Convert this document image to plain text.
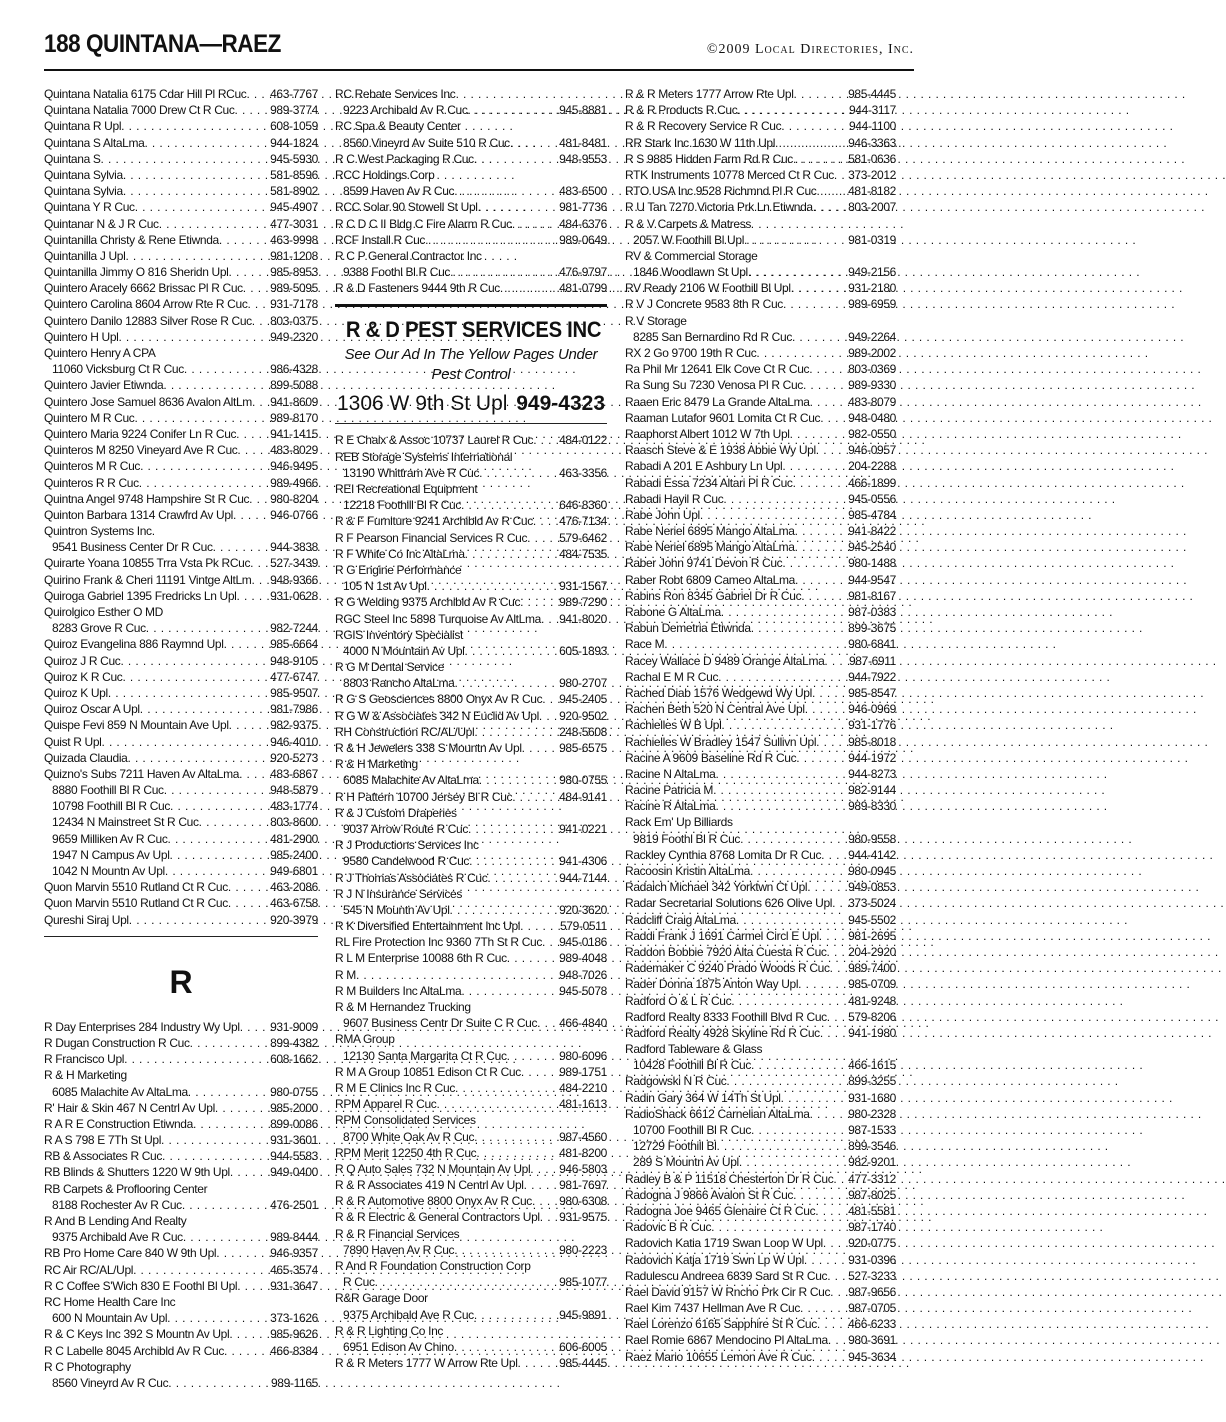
188 QUINTANA—RAEZ	©2009 Local Directories, Inc.
Quintana Natalia 6175 Cdar Hill Pl RCuc . . . 463-7767
Quintana Natalia 7000 Drew Ct R Cuc . . .	989-3774
Quintana R Upl . . .	608-1059
Quintana S AltaLma . . .	944-1824
Quintana S . . .	945-5930
Quintana Sylvia . . .	581-8596
Quintana Sylvia . . .	581-8902
Quintana Y R Cuc . . .	945-4907
Quintanar N & J R Cuc . . .	477-3031
Quintanilla Christy & Rene Etiwnda . . .	463-9998
Quintanilla J Upl . . .	981-1208
Quintanilla Jimmy O 816 Sheridn Upl . . .	985-8953
Quintero Aracely 6662 Brissac Pl R Cuc . . . 989-5095
Quintero Carolina 8604 Arrow Rte R Cuc . . . 931-7178
Quintero Danilo 12883 Silver Rose R Cuc . . . 803-0375
Quintero H Upl . . .	949-2320
Quintero Henry A CPA
11060 Vicksburg Ct R Cuc . . .	986-4328
Quintero Javier Etiwnda . . .	899-5088
Quintero Jose Samuel 8636 Avalon AltLm . . . 941-8609
Quintero M R Cuc . . .	989-8170
Quintero Maria 9224 Conifer Ln R Cuc . . .	941-1415
Quinteros M 8250 Vineyard Ave R Cuc . . .	483-8029
Quinteros M R Cuc . . .	946-9495
Quinteros R R Cuc . . .	989-4966
Quintna Angel 9748 Hampshire St R Cuc . . . 980-8204
Quinton Barbara 1314 Crawfrd Av Upl . . .	946-0766
Quintron Systems Inc.
9541 Business Center Dr R Cuc . . .	944-3838
Quirarte Yoana 10855 Trra Vsta Pk RCuc . . . 527-3439
Quirino Frank & Cheri 11191 Vintge AltLm . . . 948-9366
Quiroga Gabriel 1395 Fredricks Ln Upl . . .	931-0628
Quirolgico Esther O MD
8283 Grove R Cuc . . .	982-7244
Quiroz Evangelina 886 Raymnd Upl . . .	985-6664
Quiroz J R Cuc . . .	948-9105
Quiroz K R Cuc . . .	477-6747
Quiroz K Upl . . .	985-9507
Quiroz Oscar A Upl . . .	981-7986
Quispe Fevi 859 N Mountain Ave Upl . . .	982-9375
Quist R Upl . . .	946-4010
Quizada Claudia . . .	920-5273
Quizno's Subs 7211 Haven Av AltaLma . . .	483-6867
8880 Foothill Bl R Cuc . . .	948-5879
10798 Foothill Bl R Cuc . . .	483-1774
12434 N Mainstreet St R Cuc . . .	803-8600
9659 Milliken Av R Cuc . . .	481-2900
1947 N Campus Av Upl . . .	985-2400
1042 N Mountn Av Upl . . .	949-6801
Quon Marvin 5510 Rutland Ct R Cuc . . .	463-2086
Quon Marvin 5510 Rutland Ct R Cuc . . .	463-6758
Qureshi Siraj Upl . . .	920-3979
R
R Day Enterprises 284 Industry Wy Upl . . .	931-9009
R Dugan Construction R Cuc . . .	899-4382
R Francisco Upl . . .	608-1662
R & H Marketing
6085 Malachite Av AltaLma . . .	980-0755
R' Hair & Skin 467 N Centrl Av Upl . . .	985-2000
R A R E Construction Etiwnda . . .	899-0086
R A S 798 E 7Th St Upl . . .	931-3601
RB & Associates R Cuc . . .	944-5583
RB Blinds & Shutters 1220 W 9th Upl . . .	949-0400
RB Carpets & Proflooring Center
8188 Rochester Av R Cuc . . .	476-2501
R And B Lending And Realty
9375 Archibald Ave R Cuc . . .	989-8444
RB Pro Home Care 840 W 9th Upl . . .	946-9357
RC Air RC/AL/Upl . . .	465-3574
R C Coffee S'Wich 830 E Foothl Bl Upl . . .	931-3647
RC Home Health Care Inc
600 N Mountain Av Upl . . .	373-1626
R & C Keys Inc 392 S Mountn Av Upl . . .	985-9626
R C Labelle 8045 Archibld Av R Cuc . . .	466-8384
R C Photography
8560 Vineyrd Av R Cuc . . .	989-1165
RC Rebate Services Inc
9223 Archibald Av R Cuc . . .	945-8881
RC Spa & Beauty Center
8560 Vineyrd Av Suite 510 R Cuc . . .	481-8481
R C West Packaging R Cuc . . .	948-9553
RCC Holdings Corp
8599 Haven Av R Cuc . . .	483-6500
RCC Solar 90 Stowell St Upl . . .	981-7736
R C D C II Bldg C Fire Alarm R Cuc . . .	484-6376
RCF Install R Cuc . . .	989-0649
R C P General Contractor Inc
9388 Foothl Bl R Cuc . . .	476-9797
R & D Fasteners 9444 9th R Cuc . . .	481-0799
R & D PEST SERVICES INC
See Our Ad In The Yellow Pages Under
Pest Control
1306 W 9th St Upl 949-4323
R E Chaix & Assoc 10737 Laurel R Cuc . . . 484-0122
REB Storage Systems International
13190 Whittram Ave R Cuc . . .	463-3356
REI Recreational Equipment
12218 Foothill Bl R Cuc . . .	646-8360
R & F Furniture 9241 Archibld Av R Cuc . . . 476-7134
R F Pearson Financial Services R Cuc . . .	579-6462
R F White Co Inc AltaLma . . .	484-7535
R G Engine Performance
105 N 1st Av Upl . . .	931-1567
R G Welding 9375 Archibld Av R Cuc . . .	989-7290
RGC Steel Inc 5898 Turquoise Av AltLma . . . 941-8020
RGIS Inventory Specialist
4000 N Mountain Av Upl . . .	605-1893
R G M Dental Service
8803 Rancho AltaLma . . .	980-2707
R G S Geosciences 8800 Onyx Av R Cuc . . . 945-2405
R G W & Associates 342 N Euclid Av Upl . . . 920-9502
RH Construction RC/AL/Upl . . .	248-5608
R & H Jewelers 338 S Mountn Av Upl . . .	985-6575
R & H Marketing
6085 Malachite Av AltaLma . . .	980-0755
R H Pattern 10700 Jersey Bl R Cuc . . .	484-9141
R & J Custom Draperies
9037 Arrow Route R Cuc . . .	941-0221
R J Productions Services Inc
9580 Candelwood R Cuc . . .	941-4306
R J Thomas Associates R Cuc . . .	944-7144
R J N Insurance Services
545 N Mountn Av Upl . . .	920-3620
R K Diversified Entertainment Inc Upl . . .	579-0511
RL Fire Protection Inc 9360 7Th St R Cuc . . . 945-0186
R L M Enterprise 10088 6th R Cuc . . .	989-4048
R M . . .	948-7026
R M Builders Inc AltaLma . . .	945-5078
R & M Hernandez Trucking
9607 Business Centr Dr Suite C R Cuc . . . 466-4840
RMA Group
12130 Santa Margarita Ct R Cuc . . .	980-6096
R M A Group 10851 Edison Ct R Cuc . . .	989-1751
R M E Clinics Inc R Cuc . . .	484-2210
RPM Apparel R Cuc . . .	481-1613
RPM Consolidated Services
8700 White Oak Av R Cuc . . .	987-4560
RPM Merit 12250 4th R Cuc . . .	481-8200
R Q Auto Sales 732 N Mountain Av Upl . . . 946-5803
R & R Associates 419 N Centrl Av Upl . . .	981-7697
R & R Automotive 8800 Onyx Av R Cuc . . . 980-6308
R & R Electric & General Contractors Upl . . . 931-9575
R & R Financial Services
7890 Haven Av R Cuc . . .	980-2223
R And R Foundation Construction Corp
R Cuc . . .	985-1077
R&R Garage Door
9375 Archibald Ave R Cuc . . .	945-9891
R & R Lighting Co Inc
6951 Edison Av Chino . . .	606-6005
R & R Meters 1777 W Arrow Rte Upl . . .	985-4445
R & R Meters 1777 Arrow Rte Upl . . .	985-4445
R & R Products R Cuc . . .	944-3117
R & R Recovery Service R Cuc . . .	944-1100
RR Stark Inc 1630 W 11th Upl . . .	946-3363
R S 9885 Hidden Farm Rd R Cuc . . .	581-0636
RTK Instruments 10778 Merced Ct R Cuc . . . 373-2012
RTO USA Inc 9528 Richmnd Pl R Cuc . . .	481-8182
R U Tan 7270 Victoria Prk Ln Etiwnda . . .	803-2007
R & V Carpets & Matress
2057 W Foothill Bl Upl . . .	981-0319
RV & Commercial Storage
1846 Woodlawn St Upl . . .	949-2156
RV Ready 2106 W Foothill Bl Upl . . .	931-2180
R V J Concrete 9583 8th R Cuc . . .	989-6959
R V Storage
8285 San Bernardino Rd R Cuc . . .	949-2264
RX 2 Go 9700 19th R Cuc . . .	989-2002
Ra Phil Mr 12641 Elk Cove Ct R Cuc . . .	803-0369
Ra Sung Su 7230 Venosa Pl R Cuc . . .	989-9330
Raaen Eric 8479 La Grande AltaLma . . .	483-8079
Raaman Lutafor 9601 Lomita Ct R Cuc . . . 948-0480
Raaphorst Albert 1012 W 7th Upl . . .	982-0550
Raasch Steve & E 1938 Abbie Wy Upl . . .	946-0957
Rabadi A 201 E Ashbury Ln Upl . . .	204-2288
Rabadi Essa 7234 Altari Pl R Cuc . . .	466-1899
Rabadi Hayil R Cuc . . .	945-0556
Rabe John Upl . . .	985-4784
Rabe Neriel 6895 Mango AltaLma . . .	941-8422
Rabe Neriel 6895 Mango AltaLma . . .	945-2540
Raber John 9741 Devon R Cuc . . .	980-1488
Raber Robt 6809 Cameo AltaLma . . .	944-9547
Rabins Ron 8345 Gabriel Dr R Cuc . . .	981-8167
Rabone G AltaLma . . .	987-0383
Rabun Demetria Etiwnda . . .	899-3675
Race M . . .	980-6841
Racey Wallace D 9489 Orange AltaLma . . . 987-6911
Rachal E M R Cuc . . .	944-7922
Rached Diab 1576 Wedgewd Wy Upl . . .	985-8547
Rachen Beth 520 N Central Ave Upl . . .	946-0969
Rachielles W B Upl . . .	931-1776
Rachielles W Bradley 1547 Sullivn Upl . . .	985-8018
Racine A 9609 Baseline Rd R Cuc . . .	944-1972
Racine N AltaLma . . .	944-8273
Racine Patricia M . . .	982-9144
Racine R AltaLma . . .	989-8330
Rack Em' Up Billiards
9819 Foothl Bl R Cuc . . .	980-9558
Rackley Cynthia 8768 Lomita Dr R Cuc . . . 944-4142
Racoosin Kristin AltaLma . . .	980-0945
Radaich Michael 342 Yorktwn Ct Upl . . .	949-0853
Radar Secretarial Solutions 626 Olive Upl . . . 373-5024
Radcliff Craig AltaLma . . .	945-5502
Raddi Frank J 1691 Carmel Circl E Upl . . . 981-2695
Raddon Bobbie 7920 Alta Cuesta R Cuc . . . 204-2920
Rademaker C 9240 Prado Woods R Cuc . . . 989-7400
Rader Donna 1875 Anton Way Upl . . .	985-0709
Radford O & L R Cuc . . .	481-9248
Radford Realty 8333 Foothill Blvd R Cuc . . . 579-8206
Radford Realty 4928 Skyline Rd R Cuc . . . 941-1980
Radford Tableware & Glass
10428 Foothill Bl R Cuc . . .	466-1615
Radgowski N R Cuc . . .	899-3255
Radin Gary 364 W 14Th St Upl . . .	931-1680
RadioShack 6612 Carnelian AltaLma . . .	980-2328
10700 Foothill Bl R Cuc . . .	987-1533
12729 Foothill Bl . . .	899-3546
289 S Mountn Av Upl . . .	982-9201
Radley B & P 11518 Chesterton Dr R Cuc . . . 477-3312
Radogna J 9866 Avalon St R Cuc . . .	987-8025
Radogna Joe 9465 Glenaire Ct R Cuc . . .	481-5581
Radovic B R Cuc . . .	987-1740
Radovich Katia 1719 Swan Loop W Upl . . . 920-0775
Radovich Katja 1719 Swn Lp W Upl . . .	931-0396
Radulescu Andreea 6839 Sard St R Cuc . . . 527-3233
Rael David 9157 W Rncho Prk Cir R Cuc . . . 987-9656
Rael Kim 7437 Hellman Ave R Cuc . . .	987-0705
Rael Lorenzo 6165 Sapphire St R Cuc . . .	466-6233
Rael Romie 6867 Mendocino Pl AltaLma . . . 980-3691
Raez Mario 10655 Lemon Ave R Cuc . . .	945-3634
